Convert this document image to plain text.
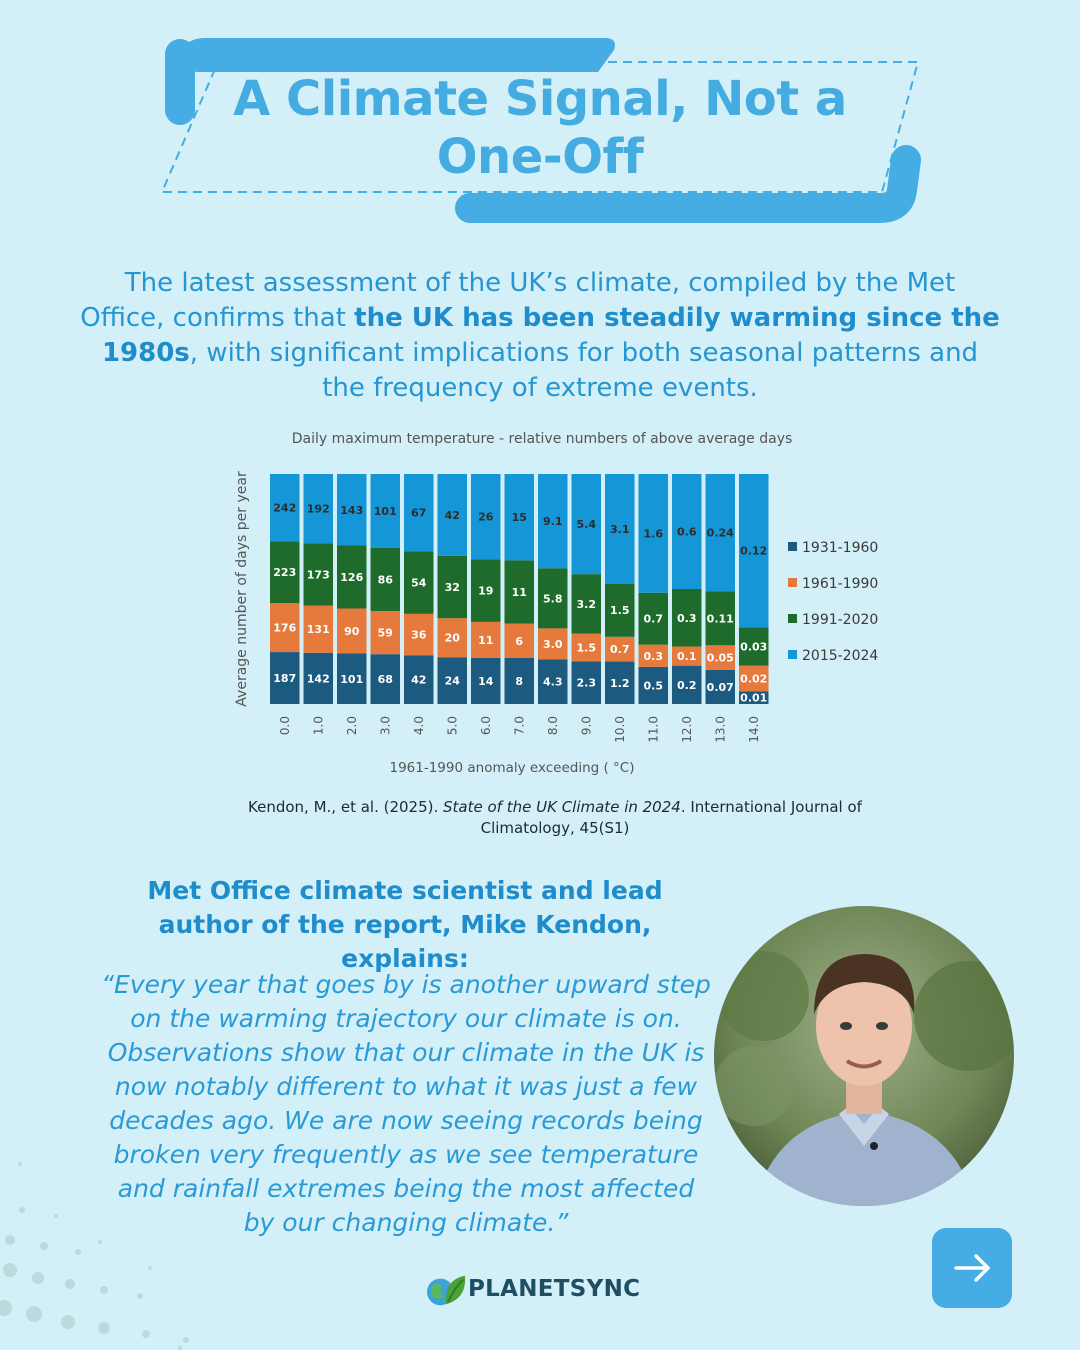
A Climate Signal, Not a
One-Off
The latest assessment of the UK’s climate, compiled by the Met Office, confirms that the UK has been steadily warming since the 1980s, with significant implications for both seasonal patterns and the frequency of extreme events.
Daily maximum temperature - relative numbers of above average days
Average number of days per year
1961-1990 anomaly exceeding ( °C)
187
176
223
242
0.0
142
131
173
192
1.0
101
90
126
143
2.0
68
59
86
101
3.0
42
36
54
67
4.0
24
20
32
42
5.0
14
11
19
26
6.0
8
6
11
15
7.0
4.3
3.0
5.8
9.1
8.0
2.3
1.5
3.2
5.4
9.0
1.2
0.7
1.5
3.1
10.0
0.5
0.3
0.7
1.6
11.0
0.2
0.1
0.3
0.6
12.0
0.07
0.05
0.11
0.24
13.0
0.01
0.02
0.03
0.12
14.0
1931-1960
1961-1990
1991-2020
2015-2024
Kendon, M., et al. (2025). State of the UK Climate in 2024. International Journal of Climatology, 45(S1)
Met Office climate scientist and lead author of the report, Mike Kendon, explains:
“Every year that goes by is another upward step on the warming trajectory our climate is on. Observations show that our climate in the UK is now notably different to what it was just a few decades ago. We are now seeing records being broken very frequently as we see temperature and rainfall extremes being the most affected by our changing climate.”
PLANETSYNC
